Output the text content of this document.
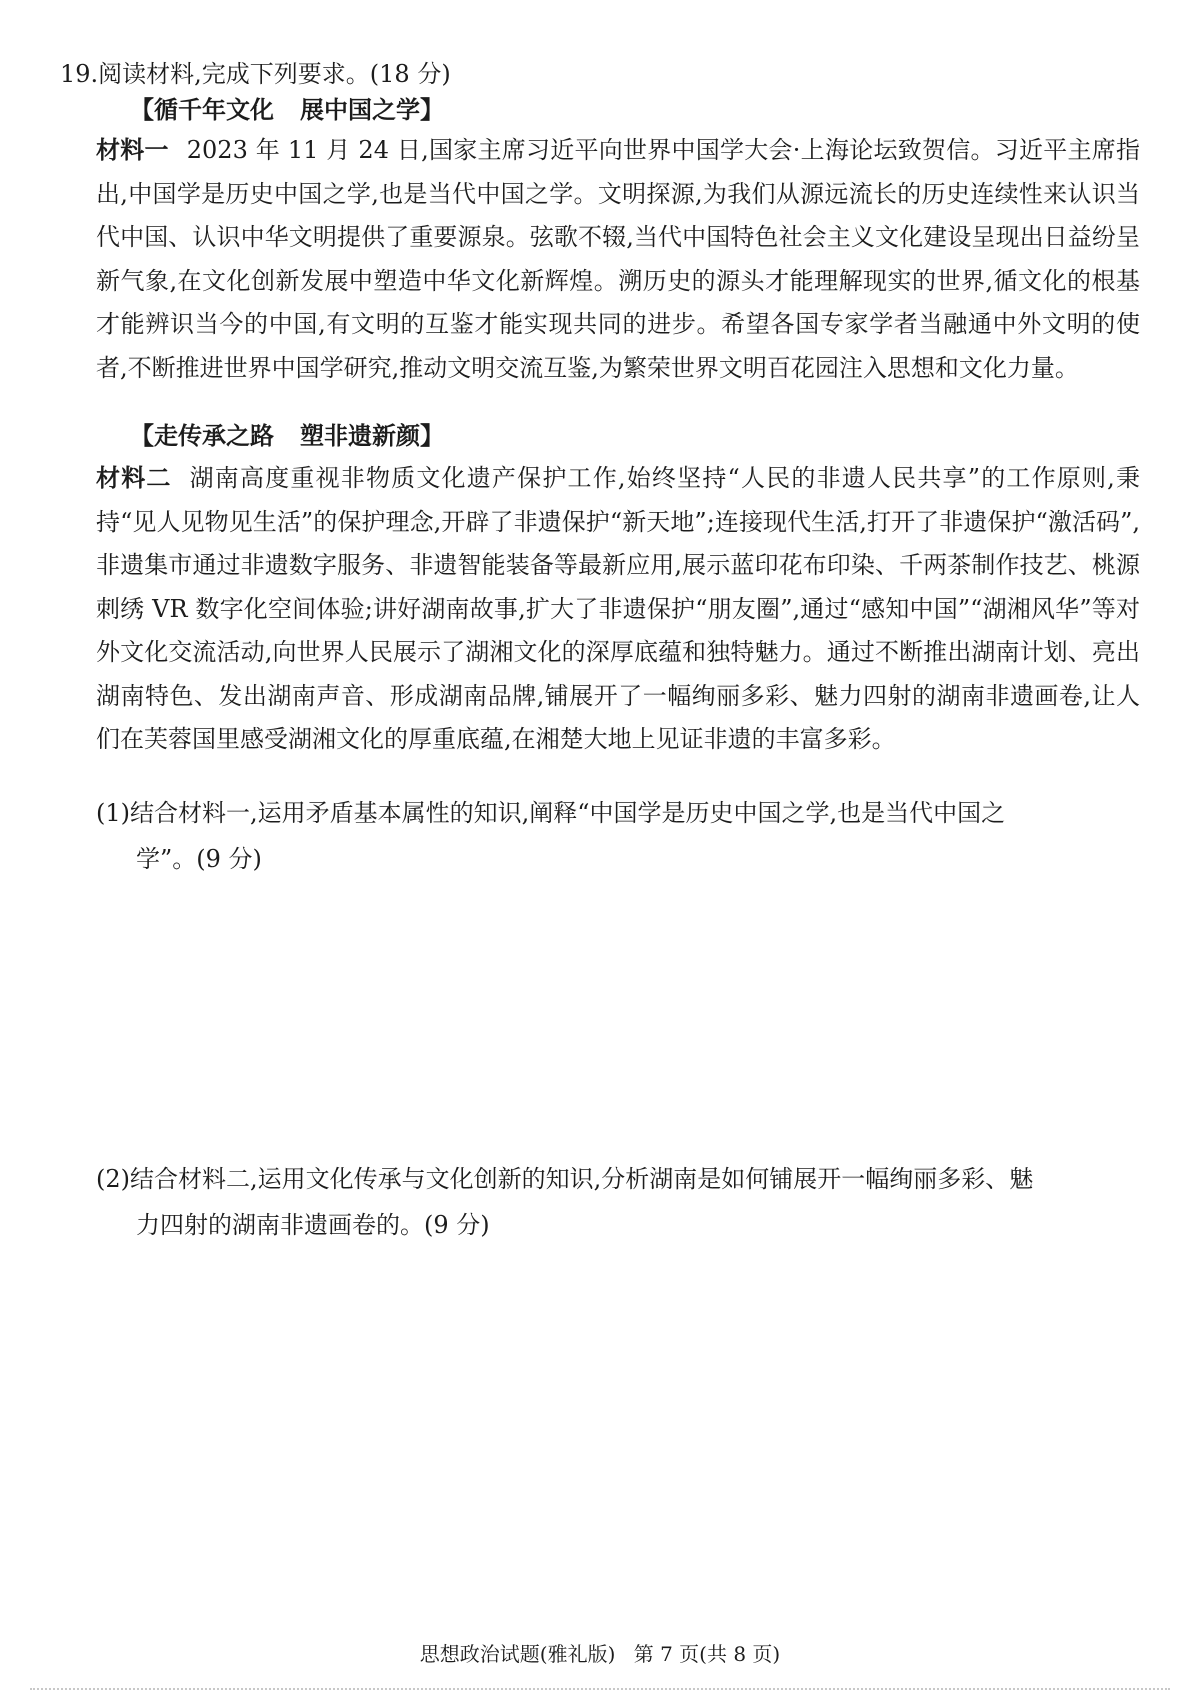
19.阅读材料,完成下列要求。(18 分)
【循千年文化 展中国之学】
材料一 2023 年 11 月 24 日,国家主席习近平向世界中国学大会·上海论坛致贺信。习近平主席指出,中国学是历史中国之学,也是当代中国之学。文明探源,为我们从源远流长的历史连续性来认识当代中国、认识中华文明提供了重要源泉。弦歌不辍,当代中国特色社会主义文化建设呈现出日益纷呈新气象,在文化创新发展中塑造中华文化新辉煌。溯历史的源头才能理解现实的世界,循文化的根基才能辨识当今的中国,有文明的互鉴才能实现共同的进步。希望各国专家学者当融通中外文明的使者,不断推进世界中国学研究,推动文明交流互鉴,为繁荣世界文明百花园注入思想和文化力量。
【走传承之路 塑非遗新颜】
材料二 湖南高度重视非物质文化遗产保护工作,始终坚持“人民的非遗人民共享”的工作原则,秉持“见人见物见生活”的保护理念,开辟了非遗保护“新天地”;连接现代生活,打开了非遗保护“激活码”,非遗集市通过非遗数字服务、非遗智能装备等最新应用,展示蓝印花布印染、千两茶制作技艺、桃源刺绣 VR 数字化空间体验;讲好湖南故事,扩大了非遗保护“朋友圈”,通过“感知中国”“湖湘风华”等对外文化交流活动,向世界人民展示了湖湘文化的深厚底蕴和独特魅力。通过不断推出湖南计划、亮出湖南特色、发出湖南声音、形成湖南品牌,铺展开了一幅绚丽多彩、魅力四射的湖南非遗画卷,让人们在芙蓉国里感受湖湘文化的厚重底蕴,在湘楚大地上见证非遗的丰富多彩。
(1)结合材料一,运用矛盾基本属性的知识,阐释“中国学是历史中国之学,也是当代中国之
学”。(9 分)
(2)结合材料二,运用文化传承与文化创新的知识,分析湖南是如何铺展开一幅绚丽多彩、魅
力四射的湖南非遗画卷的。(9 分)
思想政治试题(雅礼版) 第 7 页(共 8 页)
